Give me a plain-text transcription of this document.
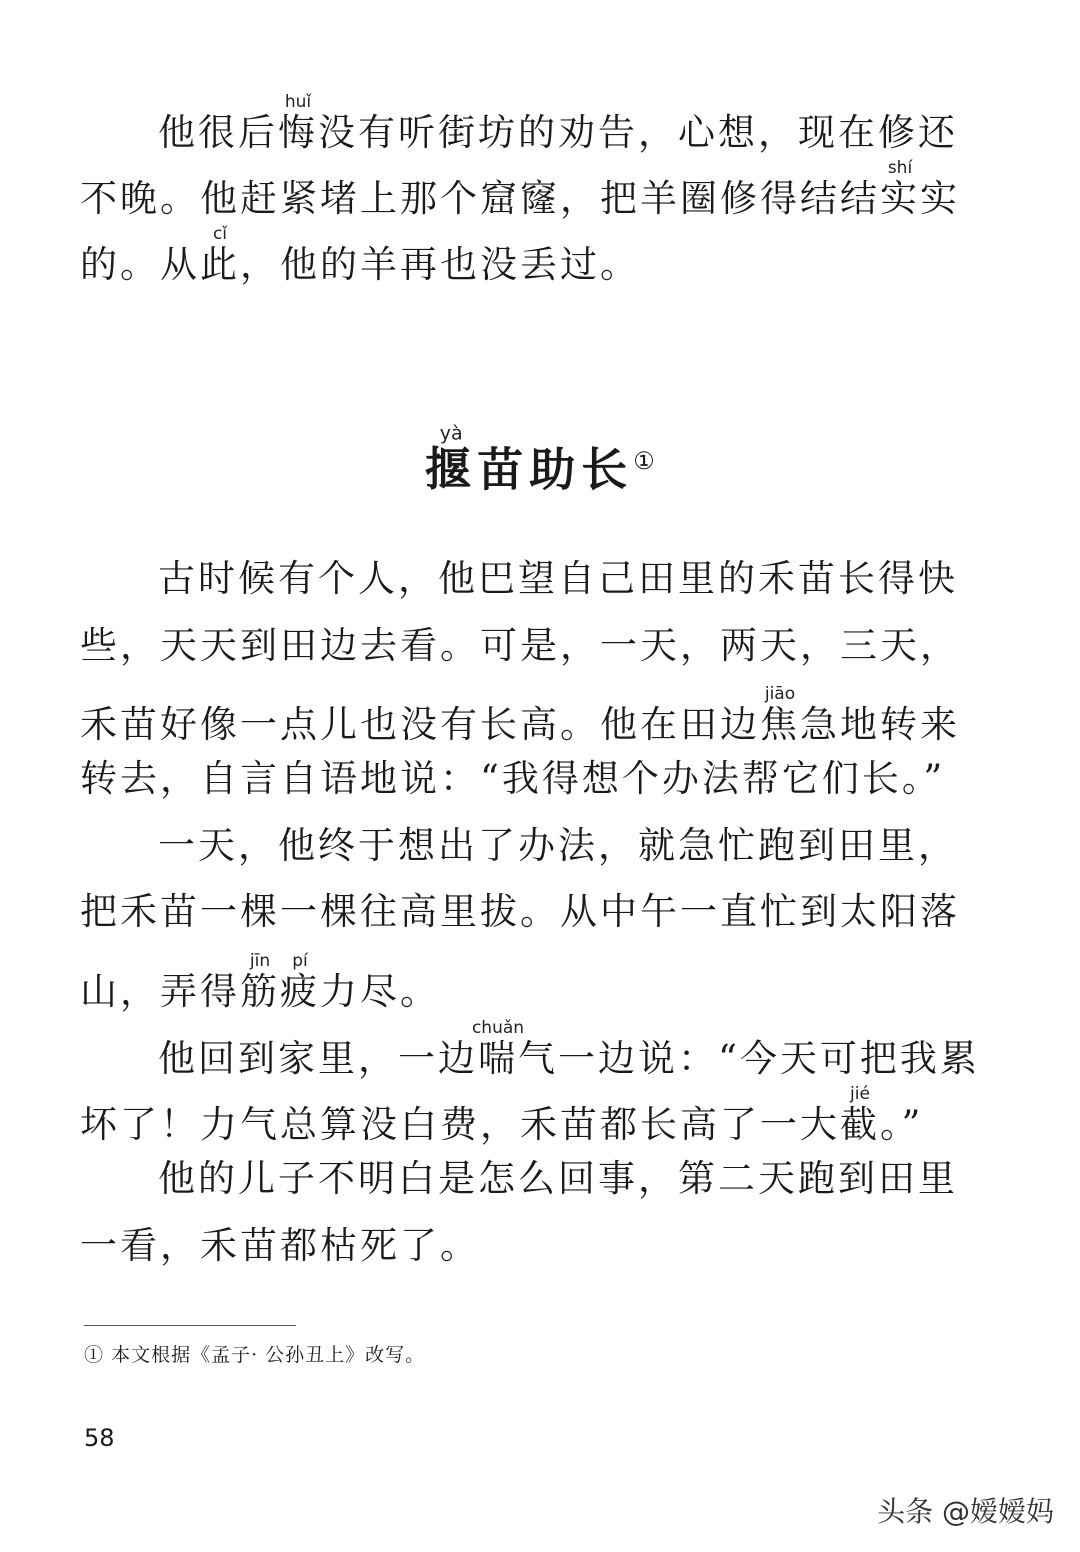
他很后悔huǐ没有听街坊的劝告，心想，现在修还
不晚。他赶紧堵上那个窟窿，把羊圈修得结结实shí实
的。从此cǐ，他的羊再也没丢过。
揠yà苗助长①
古时候有个人，他巴望自己田里的禾苗长得快
些，天天到田边去看。可是，一天，两天，三天，
禾苗好像一点儿也没有长高。他在田边焦jiāo急地转来
转去，自言自语地说：“我得想个办法帮它们长。”
一天，他终于想出了办法，就急忙跑到田里，
把禾苗一棵一棵往高里拔。从中午一直忙到太阳落
山，弄得筋jīn疲pí力尽。
他回到家里，一边喘chuǎn气一边说：“今天可把我累
坏了！力气总算没白费，禾苗都长高了一大截jié。”
他的儿子不明白是怎么回事，第二天跑到田里
一看，禾苗都枯死了。
① 本文根据《孟子· 公孙丑上》改写。
58
头条 @嫒嫒妈
